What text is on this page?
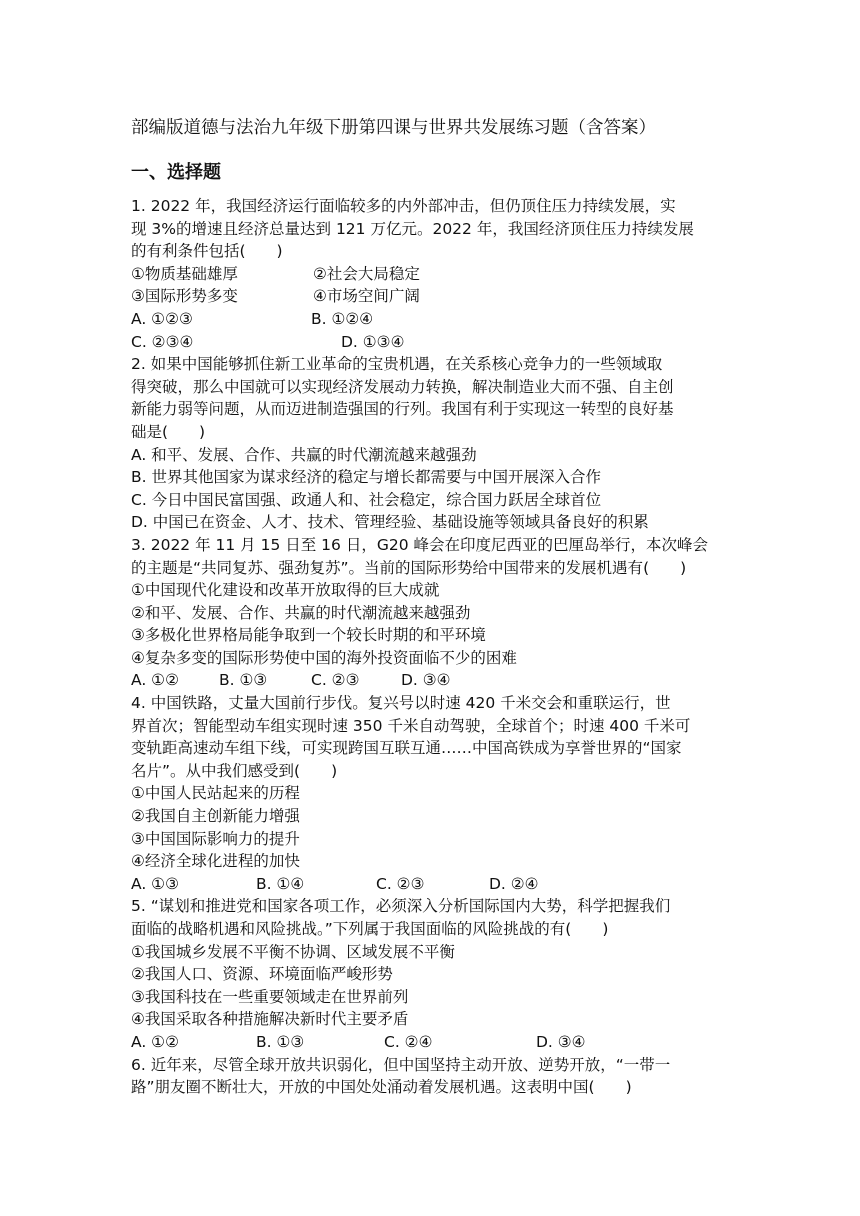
部编版道德与法治九年级下册第四课与世界共发展练习题（含答案）
一、选择题
1. 2022 年，我国经济运行面临较多的内外部冲击，但仍顶住压力持续发展，实
现 3%的增速且经济总量达到 121 万亿元。2022 年，我国经济顶住压力持续发展
的有利条件包括(　　)
①物质基础雄厚	②社会大局稳定
③国际形势多变	④市场空间广阔
A. ①②③	B. ①②④
C. ②③④	D. ①③④
2. 如果中国能够抓住新工业革命的宝贵机遇，在关系核心竞争力的一些领域取
得突破，那么中国就可以实现经济发展动力转换，解决制造业大而不强、自主创
新能力弱等问题，从而迈进制造强国的行列。我国有利于实现这一转型的良好基
础是(　　)
A. 和平、发展、合作、共赢的时代潮流越来越强劲
B. 世界其他国家为谋求经济的稳定与增长都需要与中国开展深入合作
C. 今日中国民富国强、政通人和、社会稳定，综合国力跃居全球首位
D. 中国已在资金、人才、技术、管理经验、基础设施等领域具备良好的积累
3. 2022 年 11 月 15 日至 16 日，G20 峰会在印度尼西亚的巴厘岛举行，本次峰会
的主题是“共同复苏、强劲复苏”。当前的国际形势给中国带来的发展机遇有(　　)
①中国现代化建设和改革开放取得的巨大成就
②和平、发展、合作、共赢的时代潮流越来越强劲
③多极化世界格局能争取到一个较长时期的和平环境
④复杂多变的国际形势使中国的海外投资面临不少的困难
A. ①②	B. ①③	C. ②③	D. ③④
4. 中国铁路，丈量大国前行步伐。复兴号以时速 420 千米交会和重联运行，世
界首次；智能型动车组实现时速 350 千米自动驾驶，全球首个；时速 400 千米可
变轨距高速动车组下线，可实现跨国互联互通……中国高铁成为享誉世界的“国家
名片”。从中我们感受到(　　)
①中国人民站起来的历程
②我国自主创新能力增强
③中国国际影响力的提升
④经济全球化进程的加快
A. ①③	B. ①④	C. ②③	D. ②④
5. “谋划和推进党和国家各项工作，必须深入分析国际国内大势，科学把握我们
面临的战略机遇和风险挑战。”下列属于我国面临的风险挑战的有(　　)
①我国城乡发展不平衡不协调、区域发展不平衡
②我国人口、资源、环境面临严峻形势
③我国科技在一些重要领域走在世界前列
④我国采取各种措施解决新时代主要矛盾
A. ①②	B. ①③	C. ②④	D. ③④
6. 近年来，尽管全球开放共识弱化，但中国坚持主动开放、逆势开放，“一带一
路”朋友圈不断壮大，开放的中国处处涌动着发展机遇。这表明中国(　　)
